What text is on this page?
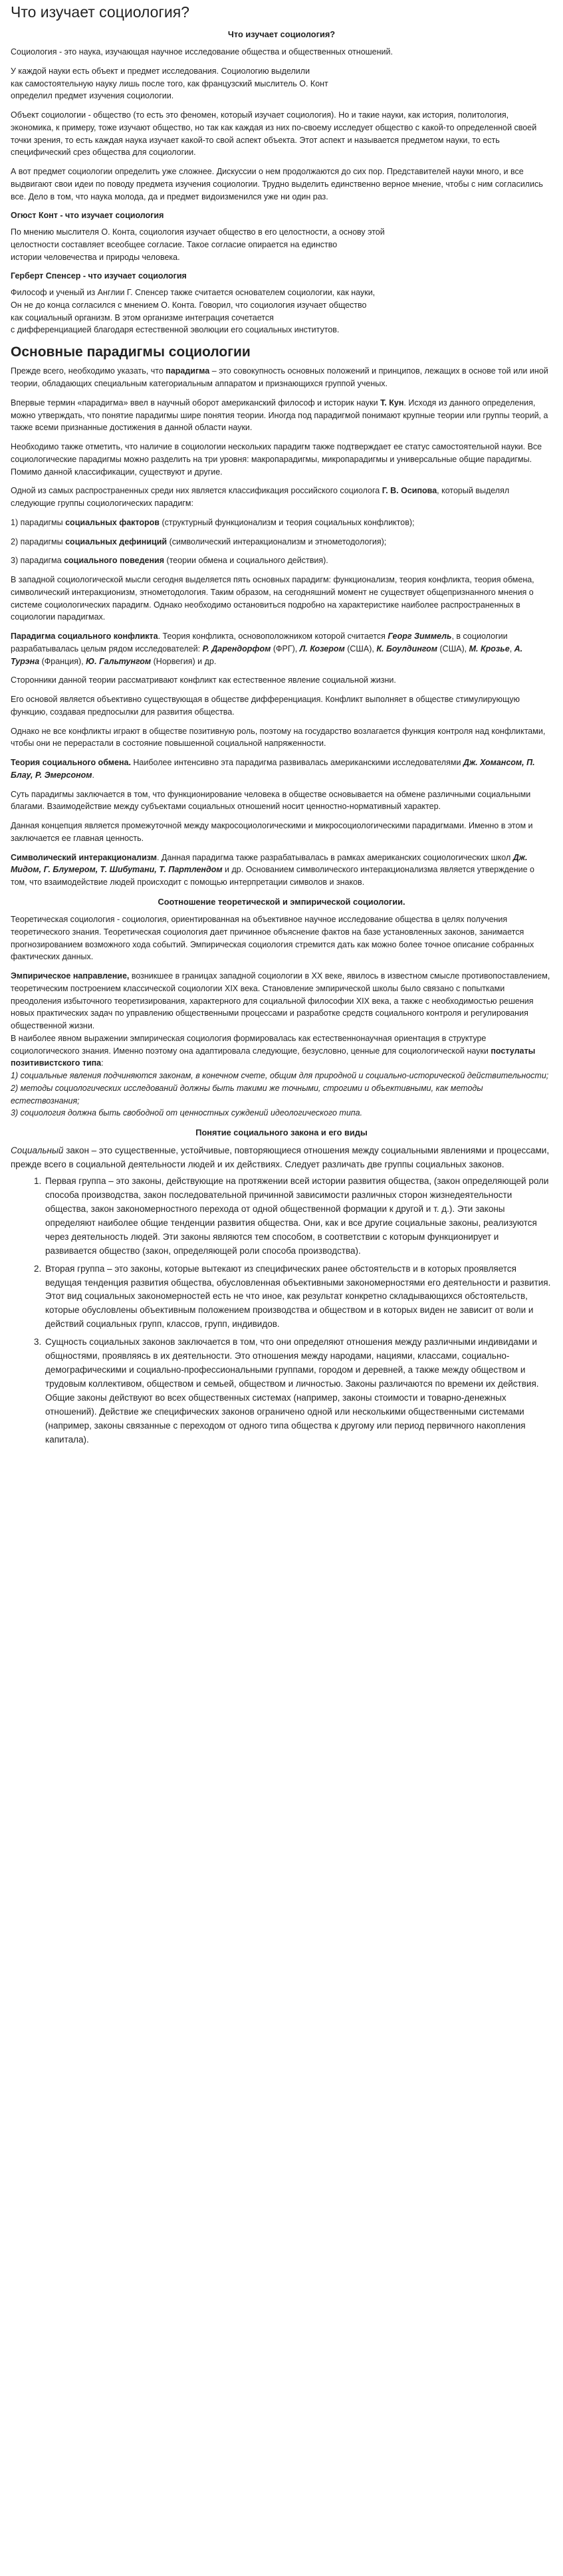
Что изучает социология?
Что изучает социология?

Социология - это наука, изучающая научное исследование общества и общественных отношений.

У каждой науки есть объект и предмет исследования. Социологию выделили

как самостоятельную науку лишь после того, как французский мыслитель О. Конт

определил предмет изучения социологии.

Объект социологии - общество (то есть это феномен, который изучает социология). Но и такие науки, как история, политология, экономика, к примеру, тоже изучают общество, но так как каждая из них по-своему исследует общество с какой-то определенной своей точки зрения, то есть каждая наука изучает какой-то свой аспект объекта. Этот аспект и называется предметом науки, то есть специфический срез общества для социологии.

А вот предмет социологии определить уже сложнее. Дискуссии о нем продолжаются до сих пор. Представителей науки много, и все выдвигают свои идеи по поводу предмета изучения социологии. Трудно выделить единственно верное мнение, чтобы с ним согласились все. Дело в том, что наука молода, да и предмет видоизменился уже ни один раз.

Огюст Конт - что изучает социология

По мнению мыслителя О. Конта, социология изучает общество в его целостности, а основу этой

целостности составляет всеобщее согласие. Такое согласие опирается на единство

истории человечества и природы человека.

Герберт Спенсер - что изучает социология

Философ и ученый из Англии Г. Спенсер также считается основателем социологии, как науки,

Он не до конца согласился с мнением О. Конта. Говорил, что социология изучает общество

как социальный организм. В этом организме интеграция сочетается

с дифференциацией благодаря естественной эволюции его социальных институтов.

Основные парадигмы социологии

Прежде всего, необходимо указать, что парадигма – это совокупность основных положений и принципов, лежащих в основе той или иной теории, обладающих специальным категориальным аппаратом и признающихся группой ученых.

Впервые термин «парадигма» ввел в научный оборот американский философ и историк науки Т. Кун. Исходя из данного определения, можно утверждать, что понятие парадигмы шире понятия теории. Иногда под парадигмой понимают крупные теории или группы теорий, а также всеми признанные достижения в данной области науки.

Необходимо также отметить, что наличие в социологии нескольких парадигм также подтверждает ее статус самостоятельной науки. Все социологические парадигмы можно разделить на три уровня: макропарадигмы, микропарадигмы и универсальные общие парадигмы. Помимо данной классификации, существуют и другие.

Одной из самых распространенных среди них является классификация российского социолога Г. В. Осипова, который выделял следующие группы социологических парадигм:

1) парадигмы социальных факторов (структурный функционализм и теория социальных конфликтов);

2) парадигмы социальных дефиниций (символический интеракционализм и этнометодология);

3) парадигма социального поведения (теории обмена и социального действия).

В западной социологической мысли сегодня выделяется пять основных парадигм: функционализм, теория конфликта, теория обмена, символический интеракционизм, этнометодология. Таким образом, на сегодняшний момент не существует общепризнанного мнения о системе социологических парадигм. Однако необходимо остановиться подробно на характеристике наиболее распространенных в социологии парадигмах.

Парадигма социального конфликта. Теория конфликта, основоположником которой считается Георг Зиммель, в социологии разрабатывалась целым рядом исследователей: Р. Дарендорфом (ФРГ), Л. Козером (США), К. Боулдингом (США), М. Крозье, А. Турэна (Франция), Ю. Гальтунгом (Норвегия) и др.

Сторонники данной теории рассматривают конфликт как естественное явление социальной жизни.

Его основой является объективно существующая в обществе дифференциация. Конфликт выполняет в обществе стимулирующую функцию, создавая предпосылки для развития общества.

Однако не все конфликты играют в обществе позитивную роль, поэтому на государство возлагается функция контроля над конфликтами, чтобы они не перерастали в состояние повышенной социальной напряженности.

Теория социального обмена. Наиболее интенсивно эта парадигма развивалась американскими исследователями Дж. Хомансом, П. Блау, Р. Эмерсоном.

Суть парадигмы заключается в том, что функционирование человека в обществе основывается на обмене различными социальными благами. Взаимодействие между субъектами социальных отношений носит ценностно-нормативный характер.

Данная концепция является промежуточной между макросоциологическими и микросоциологическими парадигмами. Именно в этом и заключается ее главная ценность.

Символический интеракционализм. Данная парадигма также разрабатывалась в рамках американских социологических школ Дж. Мидом, Г. Блумером, Т. Шибутани, Т. Партлендом и др. Основанием символического интеракционализма является утверждение о том, что взаимодействие людей происходит с помощью интерпретации символов и знаков.

Соотношение теоретической и эмпирической социологии.

Теоретическая социология - социология, ориентированная на объективное научное исследование общества в целях получения теоретического знания. Теоретическая социология дает причинное объяснение фактов на базе установленных законов, занимается прогнозированием возможного хода событий. Эмпирическая социология стремится дать как можно более точное описание собранных фактических данных.

Эмпирическое направление, возникшее в границах западной социологии в XX веке, явилось в известном смысле противопоставлением, теоретическим построением классической социологии XIX века. Становление эмпирической школы было связано с попытками преодоления избыточного теоретизирования, характерного для социальной философии XIX века, а также с необходимостью решения новых практических задач по управлению общественными процессами и разработке средств социального контроля и регулирования общественной жизни.

В наиболее явном выражении эмпирическая социология формировалась как естественнонаучная ориентация в структуре социологического знания. Именно поэтому она адаптировала следующие, безусловно, ценные для социологической науки постулаты позитивистского типа:

1) социальные явления подчиняются законам, в конечном счете, общим для природной и социально-исторической действительности;

2) методы социологических исследований должны быть такими же точными, строгими и объективными, как методы естествознания;

3) социология должна быть свободной от ценностных суждений идеологического типа.

Понятие социального закона и его виды

Социальный закон – это существенные, устойчивые, повторяющиеся отношения между социальными явлениями и процессами, прежде всего в социальной деятельности людей и их действиях. Следует различать две группы социальных законов.

1. Первая группа – это законы, действующие на протяжении всей истории развития общества, (закон определяющей роли способа производства, закон последовательной причинной зависимости различных сторон жизнедеятельности общества, закон закономерностного перехода от одной общественной формации к другой и т. д.). Эти законы определяют наиболее общие тенденции развития общества. Они, как и все другие социальные законы, реализуются через деятельность людей. Эти законы являются тем способом, в соответствии с которым функционирует и развивается общество (закон, определяющей роли способа производства).
2. Вторая группа – это законы, которые вытекают из специфических ранее обстоятельств и в которых проявляется ведущая тенденция развития общества, обусловленная объективными закономерностями его деятельности и развития. Этот вид социальных закономерностей есть не что иное, как результат конкретно складывающихся обстоятельств, которые обусловлены объективным положением производства и обществом и в которых виден не зависит от воли и действий социальных групп, классов, групп, индивидов.
3. Сущность социальных законов заключается в том, что они определяют отношения между различными индивидами и общностями, проявляясь в их деятельности. Это отношения между народами, нациями, классами, социально-демографическими и социально-профессиональными группами, городом и деревней, а также между обществом и трудовым коллективом, обществом и семьей, обществом и личностью. Законы различаются по времени их действия. Общие законы действуют во всех общественных системах (например, законы стоимости и товарно-денежных отношений). Действие же специфических законов ограничено одной или несколькими общественными системами (например, законы связанные с переходом от одного типа общества к другому или период первичного накопления капитала).
